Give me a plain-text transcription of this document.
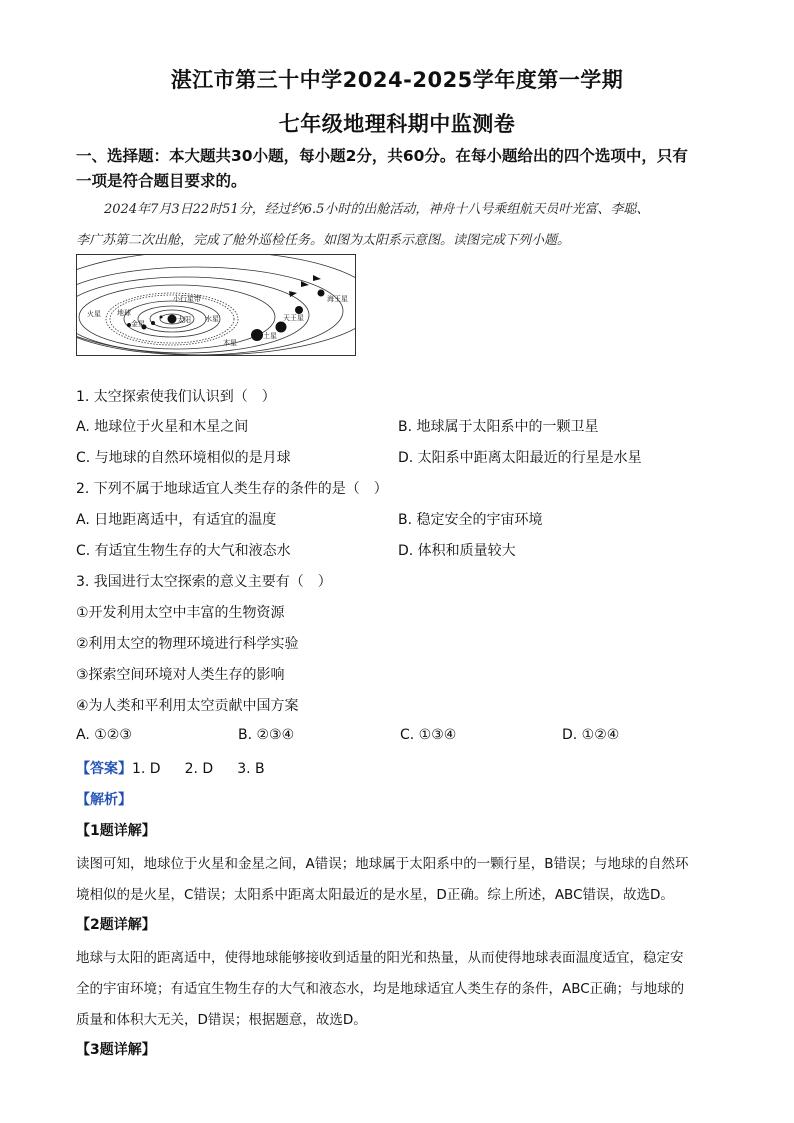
湛江市第三十中学2024-2025学年度第一学期
七年级地理科期中监测卷
一、选择题：本大题共30小题，每小题2分，共60分。在每小题给出的四个选项中，只有
一项是符合题目要求的。
2024年7月3日22时51分，经过约6.5小时的出舱活动，神舟十八号乘组航天员叶光富、李聪、
李广苏第二次出舱，完成了舱外巡检任务。如图为太阳系示意图。读图完成下列小题。
太阳 水星
金星
地球
火星
小行星带
木星
土星
天王星
海王星
1. 太空探索使我们认识到（　）
A. 地球位于火星和木星之间	B. 地球属于太阳系中的一颗卫星
C. 与地球的自然环境相似的是月球	D. 太阳系中距离太阳最近的行星是水星
2. 下列不属于地球适宜人类生存的条件的是（　）
A. 日地距离适中，有适宜的温度	B. 稳定安全的宇宙环境
C. 有适宜生物生存的大气和液态水	D. 体积和质量较大
3. 我国进行太空探索的意义主要有（　）
①开发利用太空中丰富的生物资源
②利用太空的物理环境进行科学实验
③探索空间环境对人类生存的影响
④为人类和平利用太空贡献中国方案
A. ①②③	B. ②③④	C. ①③④	D. ①②④
【答案】1. D 2. D 3. B
【解析】
【1题详解】
读图可知，地球位于火星和金星之间，A错误；地球属于太阳系中的一颗行星，B错误；与地球的自然环
境相似的是火星，C错误；太阳系中距离太阳最近的是水星，D正确。综上所述，ABC错误，故选D。
【2题详解】
地球与太阳的距离适中，使得地球能够接收到适量的阳光和热量，从而使得地球表面温度适宜，稳定安
全的宇宙环境；有适宜生物生存的大气和液态水，均是地球适宜人类生存的条件，ABC正确；与地球的
质量和体积大无关，D错误；根据题意，故选D。
【3题详解】
